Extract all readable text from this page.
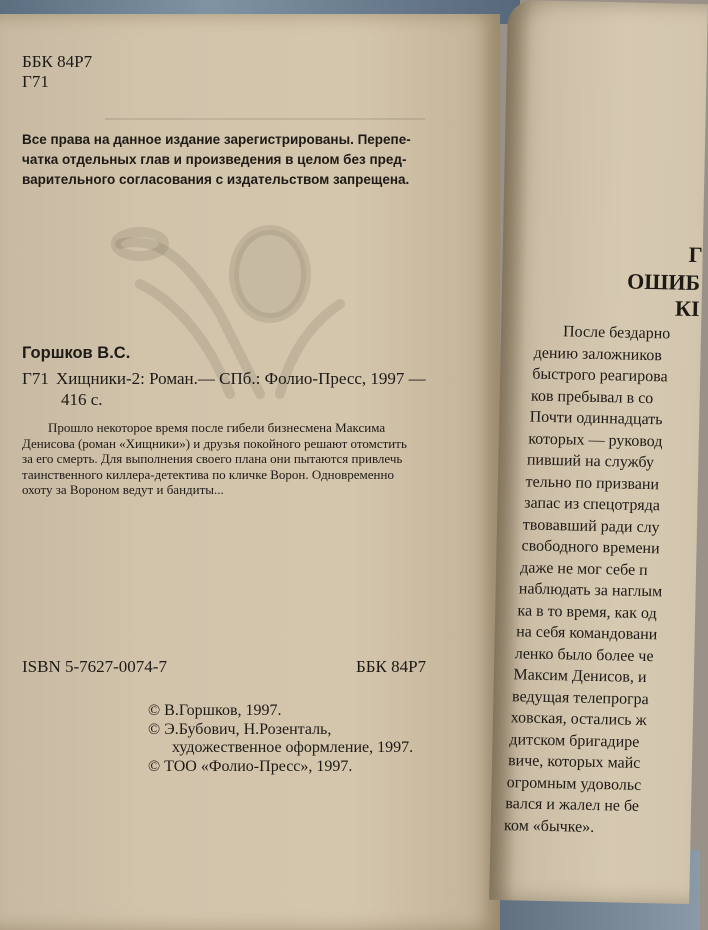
ББК 84Р7
Г71
Все права на данное издание зарегистрированы. Перепе-
чатка отдельных глав и произведения в целом без пред-
варительного согласования с издательством запрещена.
Горшков В.С.
Г71 Хищники-2: Роман.— СПб.: Фолио-Пресс, 1997 —
416 с.
Прошло некоторое время после гибели бизнесмена Максима
Денисова (роман «Хищники») и друзья покойного решают отомстить
за его смерть. Для выполнения своего плана они пытаются привлечь
таинственного киллера-детектива по кличке Ворон. Одновременно
охоту за Вороном ведут и бандиты...
ISBN 5-7627-0074-7	ББК 84Р7
© В.Горшков, 1997.
© Э.Бубович, Н.Розенталь,
художественное оформление, 1997.
© ТОО «Фолио-Пресс», 1997.
Г
ОШИБ
КІ
После бездарно
дению заложников
быстрого реагирова
ков пребывал в со
Почти одиннадцать
которых — руковод
пивший на службу
тельно по призвани
запас из спецотряда
твовавший ради слу
свободного времени
даже не мог себе п
наблюдать за наглым
ка в то время, как од
на себя командовани
ленко было более че
Максим Денисов, и
ведущая телепрогра
ховская, остались ж
дитском бригадире
виче, которых майс
огромным удовольс
вался и жалел не бе
ком «бычке».
